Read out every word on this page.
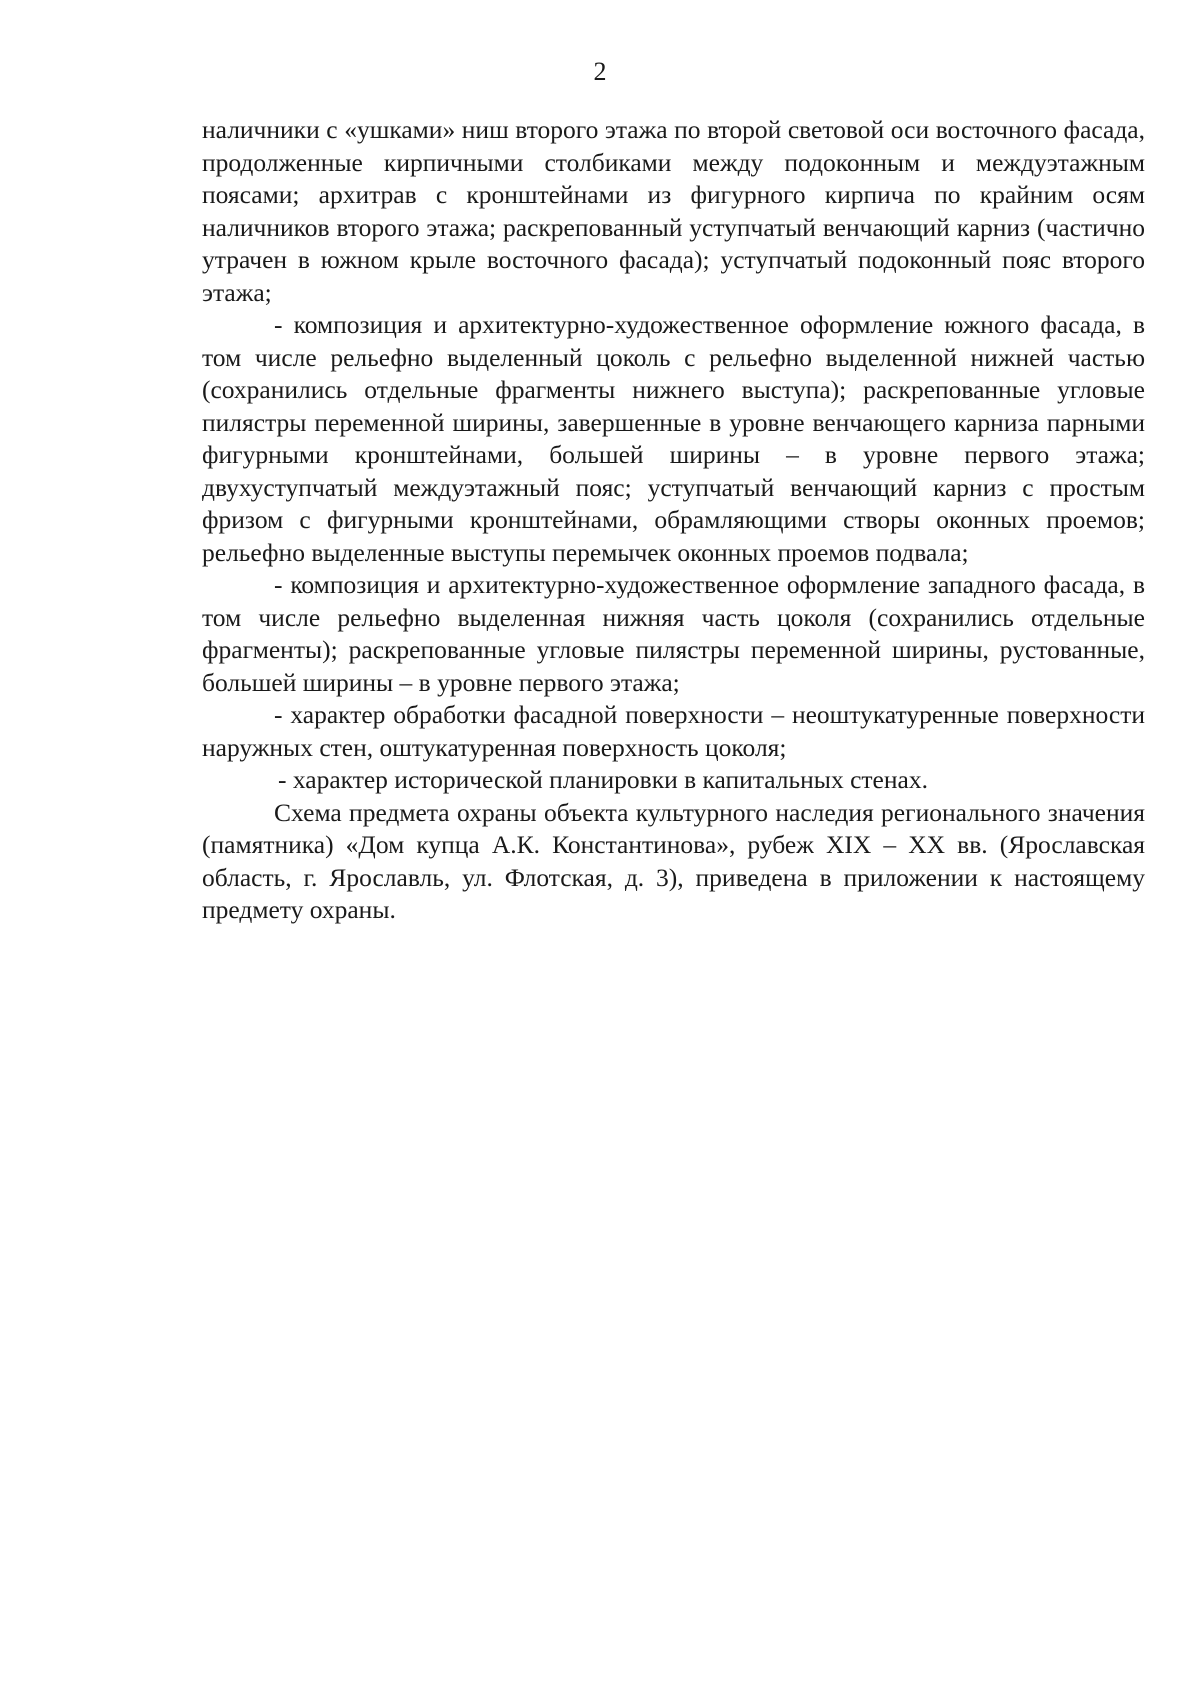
2

наличники с «ушками» ниш второго этажа по второй световой оси восточного фасада, продолженные кирпичными столбиками между подоконным и междуэтажным поясами; архитрав с кронштейнами из фигурного кирпича по крайним осям наличников второго этажа; раскрепованный уступчатый венчающий карниз (частично утрачен в южном крыле восточного фасада); уступчатый подоконный пояс второго этажа;

- композиция и архитектурно-художественное оформление южного фасада, в том числе рельефно выделенный цоколь с рельефно выделенной нижней частью (сохранились отдельные фрагменты нижнего выступа); раскрепованные угловые пилястры переменной ширины, завершенные в уровне венчающего карниза парными фигурными кронштейнами, большей ширины – в уровне первого этажа; двухуступчатый междуэтажный пояс; уступчатый венчающий карниз с простым фризом с фигурными кронштейнами, обрамляющими створы оконных проемов; рельефно выделенные выступы перемычек оконных проемов подвала;

- композиция и архитектурно-художественное оформление западного фасада, в том числе рельефно выделенная нижняя часть цоколя (сохранились отдельные фрагменты); раскрепованные угловые пилястры переменной ширины, рустованные, большей ширины – в уровне первого этажа;

- характер обработки фасадной поверхности – неоштукатуренные поверхности наружных стен, оштукатуренная поверхность цоколя;

- характер исторической планировки в капитальных стенах.

Схема предмета охраны объекта культурного наследия регионального значения (памятника) «Дом купца А.К. Константинова», рубеж XIX – XX вв. (Ярославская область, г. Ярославль, ул. Флотская, д. 3), приведена в приложении к настоящему предмету охраны.
